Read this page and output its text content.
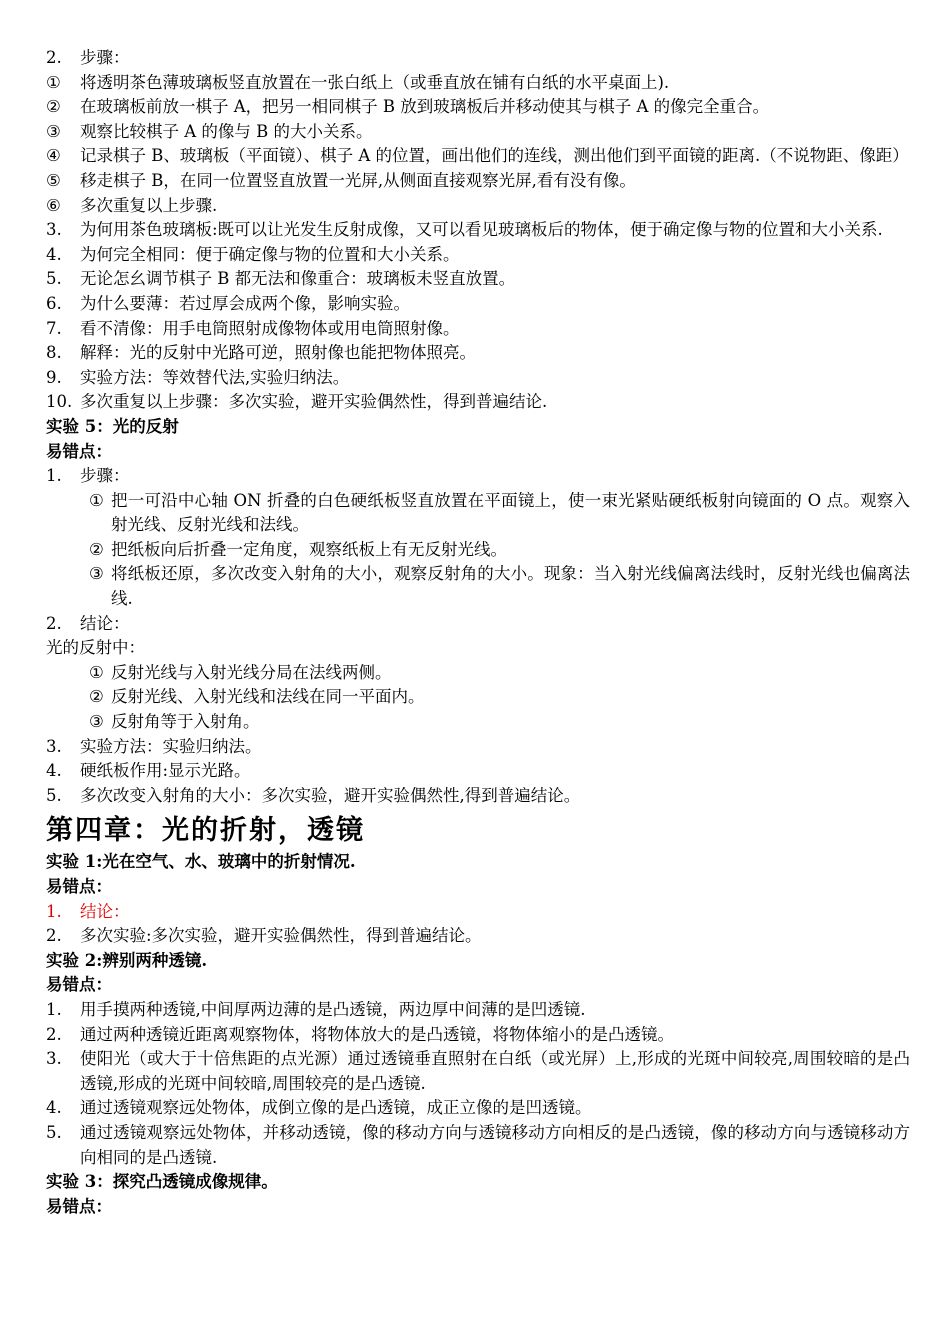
2.	步骤：
①	将透明茶色薄玻璃板竖直放置在一张白纸上（或垂直放在铺有白纸的水平桌面上).
②	在玻璃板前放一棋子 A，把另一相同棋子 B 放到玻璃板后并移动使其与棋子 A 的像完全重合。
③	观察比较棋子 A 的像与 B 的大小关系。
④	记录棋子 B、玻璃板（平面镜）、棋子 A 的位置，画出他们的连线，测出他们到平面镜的距离.（不说物距、像距）
⑤	移走棋子 B，在同一位置竖直放置一光屏,从侧面直接观察光屏,看有没有像。
⑥	多次重复以上步骤.
3.	为何用茶色玻璃板:既可以让光发生反射成像，又可以看见玻璃板后的物体，便于确定像与物的位置和大小关系.
4.	为何完全相同：便于确定像与物的位置和大小关系。
5.	无论怎幺调节棋子 B 都无法和像重合：玻璃板未竖直放置。
6.	为什么要薄：若过厚会成两个像，影响实验。
7.	看不清像：用手电筒照射成像物体或用电筒照射像。
8.	解释：光的反射中光路可逆，照射像也能把物体照亮。
9.	实验方法：等效替代法,实验归纳法。
10. 多次重复以上步骤：多次实验，避开实验偶然性，得到普遍结论.
实验 5：光的反射
易错点：
1.	步骤：
① 把一可沿中心轴 ON 折叠的白色硬纸板竖直放置在平面镜上，使一束光紧贴硬纸板射向镜面的 O 点。观察入射光线、反射光线和法线。
② 把纸板向后折叠一定角度，观察纸板上有无反射光线。
③ 将纸板还原，多次改变入射角的大小，观察反射角的大小。现象：当入射光线偏离法线时，反射光线也偏离法线.
2.	结论：
光的反射中：
① 反射光线与入射光线分局在法线两侧。
② 反射光线、入射光线和法线在同一平面内。
③ 反射角等于入射角。
3.	实验方法：实验归纳法。
4.	硬纸板作用:显示光路。
5.	多次改变入射角的大小：多次实验，避开实验偶然性,得到普遍结论。
第四章：光的折射，透镜
实验 1:光在空气、水、玻璃中的折射情况.
易错点：
1.	结论：
2.	多次实验:多次实验，避开实验偶然性，得到普遍结论。
实验 2:辨别两种透镜.
易错点：
1.	用手摸两种透镜,中间厚两边薄的是凸透镜，两边厚中间薄的是凹透镜.
2.	通过两种透镜近距离观察物体，将物体放大的是凸透镜，将物体缩小的是凸透镜。
3.	使阳光（或大于十倍焦距的点光源）通过透镜垂直照射在白纸（或光屏）上,形成的光斑中间较亮,周围较暗的是凸透镜,形成的光斑中间较暗,周围较亮的是凸透镜.
4.	通过透镜观察远处物体，成倒立像的是凸透镜，成正立像的是凹透镜。
5.	通过透镜观察远处物体，并移动透镜，像的移动方向与透镜移动方向相反的是凸透镜，像的移动方向与透镜移动方向相同的是凸透镜.
实验 3：探究凸透镜成像规律。
易错点：
